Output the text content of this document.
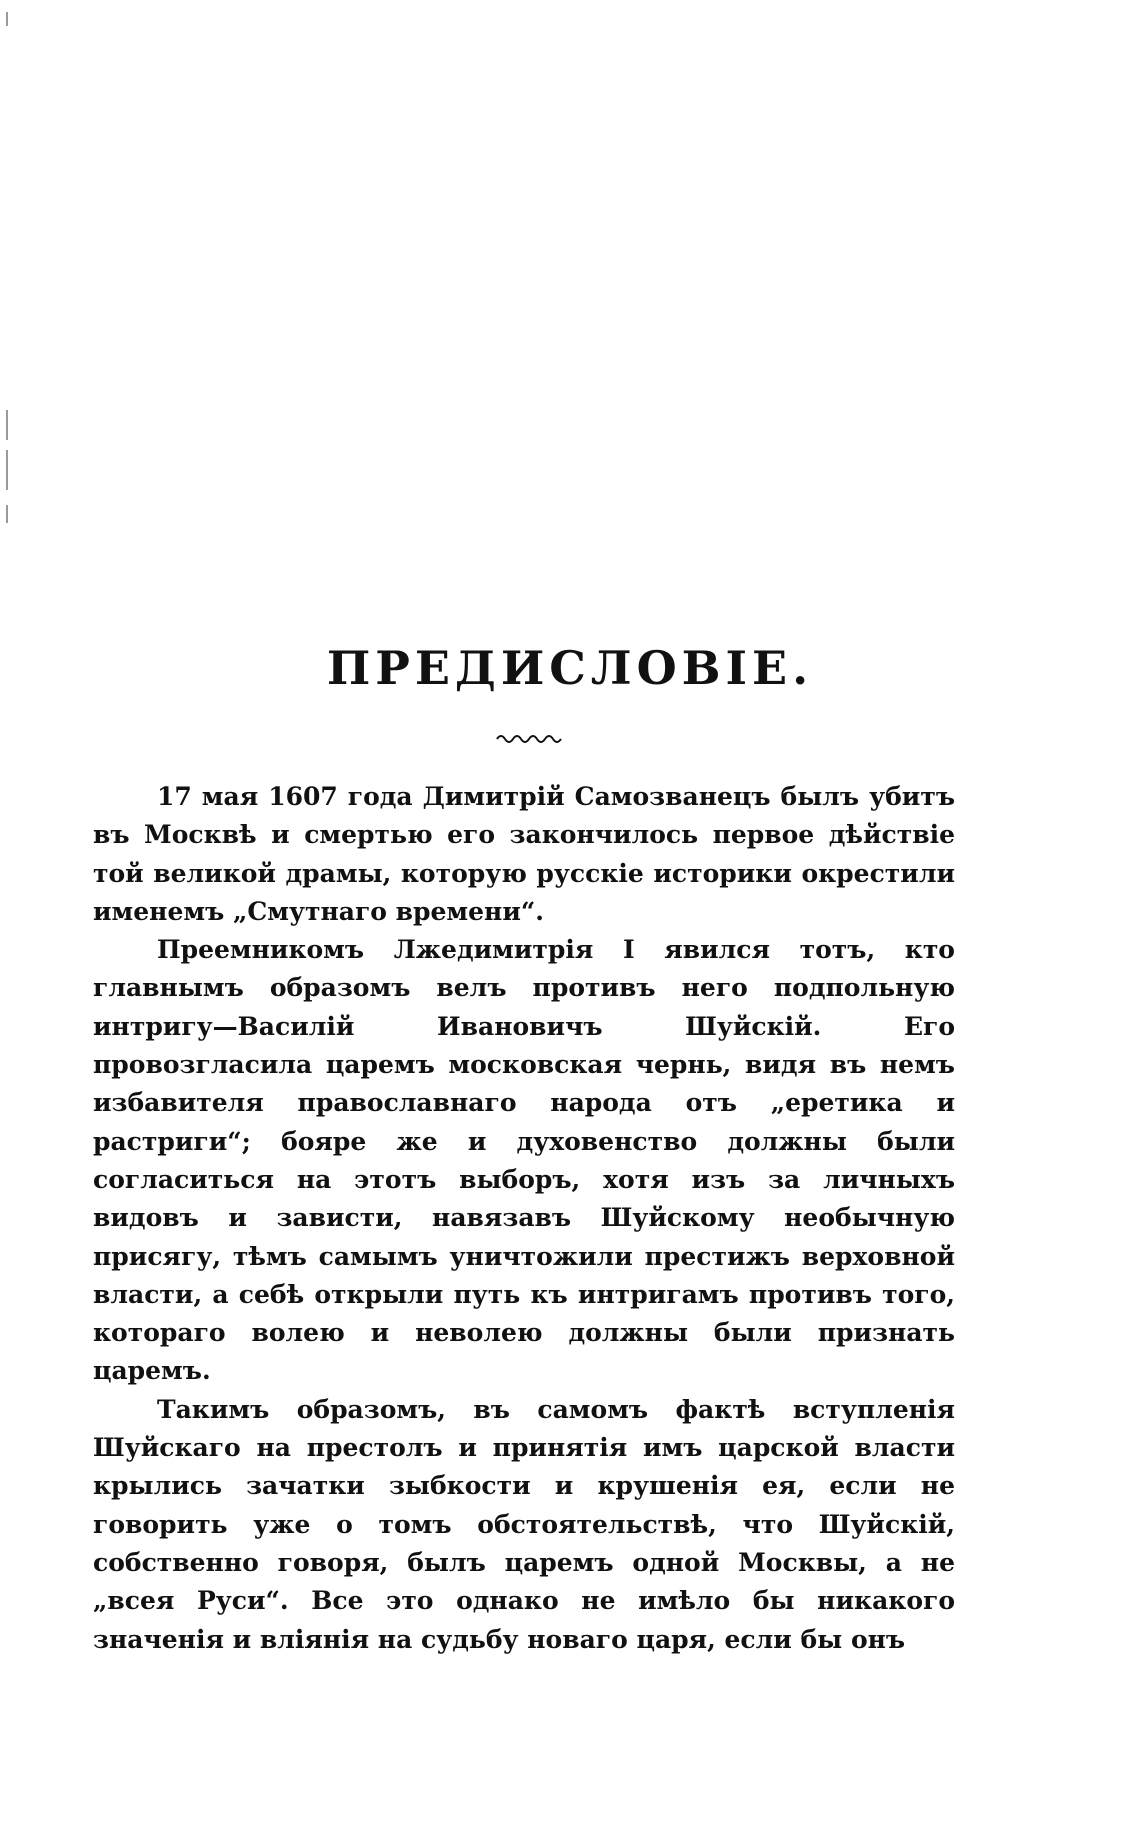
ПРЕДИСЛОВІЕ.

17 мая 1607 года Димитрій Самозванецъ былъ убитъ въ Москвѣ и смертью его закончилось первое дѣйствіе той великой драмы, которую русскіе историки окрестили именемъ „Смутнаго времени“.

Преемникомъ Лжедимитрія I явился тотъ, кто главнымъ образомъ велъ противъ него подпольную интригу—Василій Ивановичъ Шуйскій. Его провозгласила царемъ московская чернь, видя въ немъ избавителя православнаго народа отъ „еретика и растриги“; бояре же и духовенство должны были согласиться на этотъ выборъ, хотя изъ за личныхъ видовъ и зависти, навязавъ Шуйскому необычную присягу, тѣмъ самымъ уничтожили престижъ верховной власти, а себѣ открыли путь къ интригамъ противъ того, котораго волею и неволею должны были признать царемъ.

Такимъ образомъ, въ самомъ фактѣ вступленія Шуйскаго на престолъ и принятія имъ царской власти крылись зачатки зыбкости и крушенія ея, если не говорить уже о томъ обстоятельствѣ, что Шуйскій, собственно говоря, былъ царемъ одной Москвы, а не „всея Руси“. Все это однако не имѣло бы никакого значенія и вліянія на судьбу новаго царя, если бы онъ
